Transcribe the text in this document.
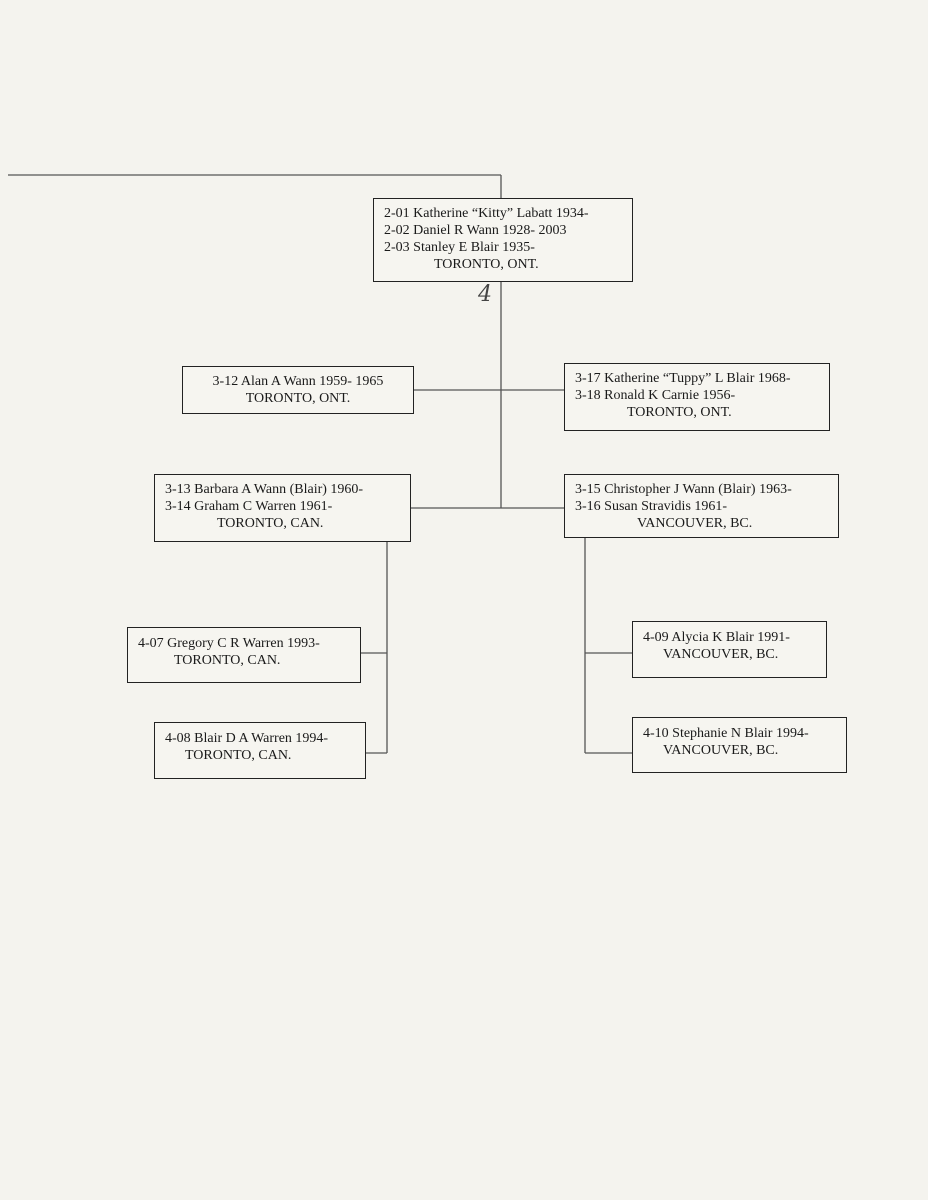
4
2-01 Katherine “Kitty” Labatt 1934-
2-02 Daniel R Wann 1928- 2003
2-03 Stanley E Blair 1935-
TORONTO, ONT.
3-12 Alan A Wann 1959- 1965
TORONTO, ONT.
3-17 Katherine “Tuppy” L Blair 1968-
3-18 Ronald K Carnie 1956-
TORONTO, ONT.
3-13 Barbara A Wann (Blair) 1960-
3-14 Graham C Warren 1961-
TORONTO, CAN.
3-15 Christopher J Wann (Blair) 1963-
3-16 Susan Stravidis 1961-
VANCOUVER, BC.
4-07 Gregory C R Warren 1993-
TORONTO, CAN.
4-08 Blair D A Warren 1994-
TORONTO, CAN.
4-09 Alycia K Blair 1991-
VANCOUVER, BC.
4-10 Stephanie N Blair 1994-
VANCOUVER, BC.
